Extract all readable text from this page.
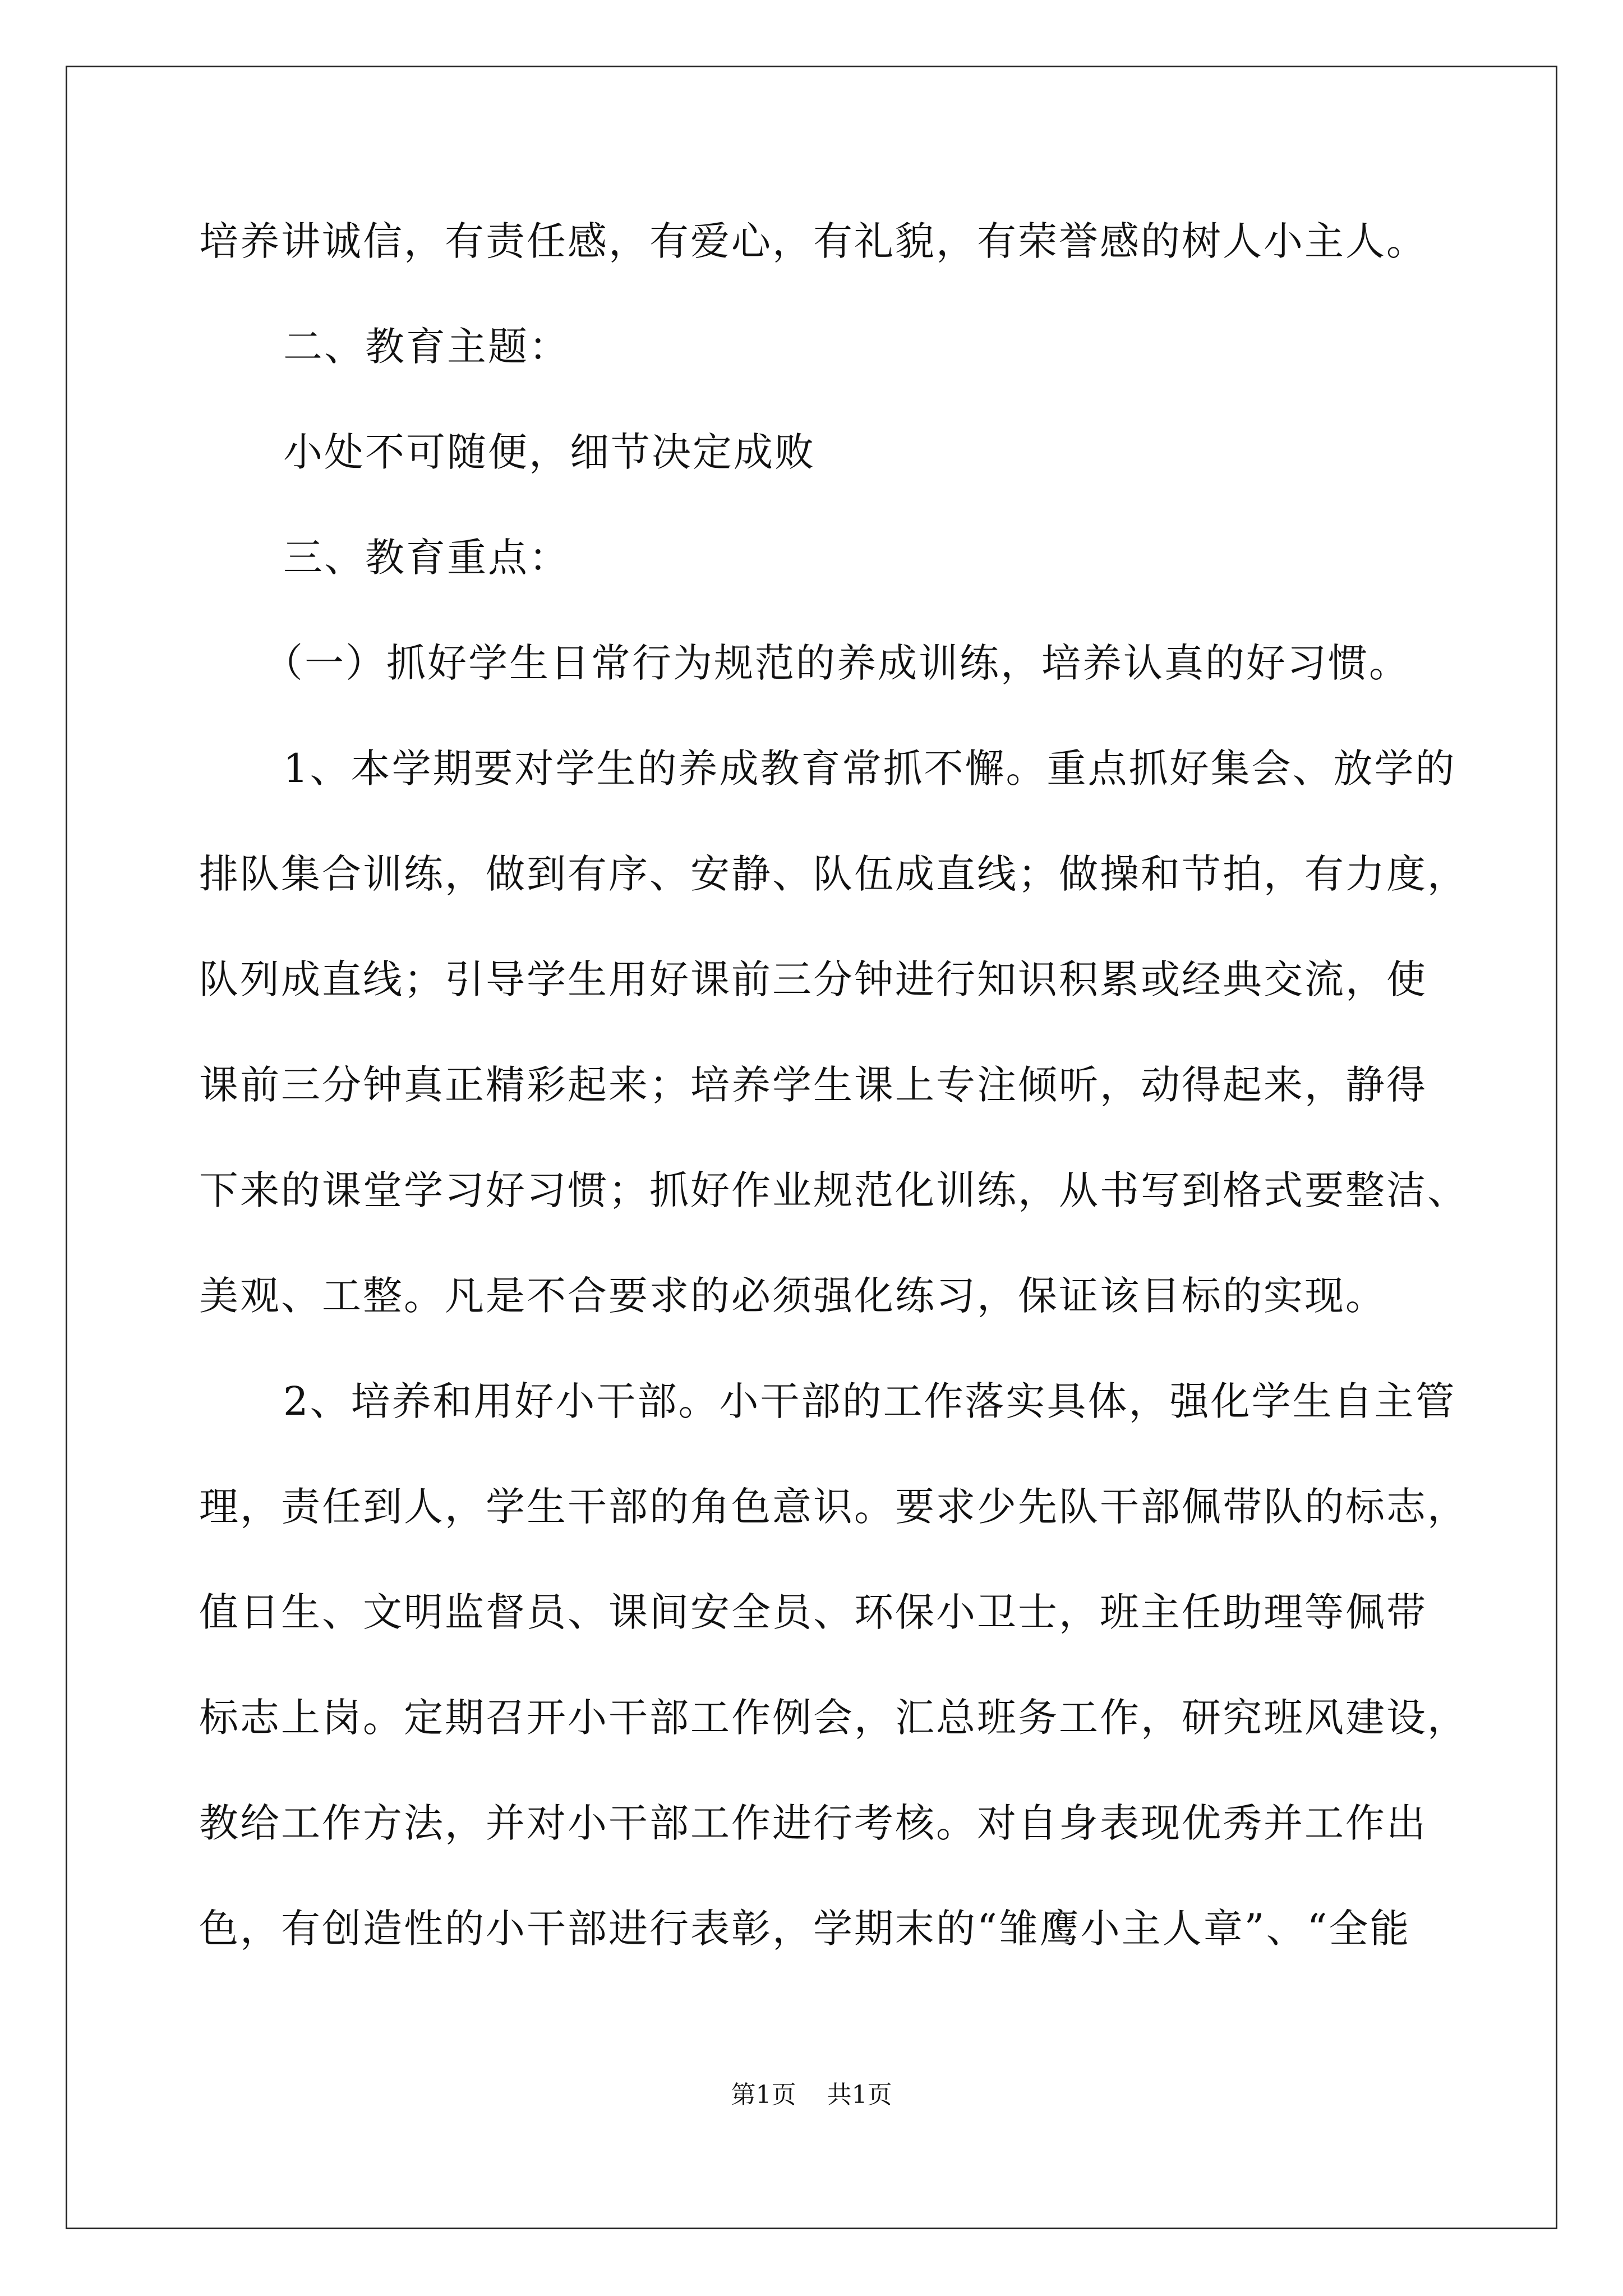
培养讲诚信，有责任感，有爱心，有礼貌，有荣誉感的树人小主人。
二、教育主题：
小处不可随便，细节决定成败
三、教育重点：
（一）抓好学生日常行为规范的养成训练，培养认真的好习惯。
1、本学期要对学生的养成教育常抓不懈。重点抓好集会、放学的
排队集合训练，做到有序、安静、队伍成直线；做操和节拍，有力度，
队列成直线；引导学生用好课前三分钟进行知识积累或经典交流，使
课前三分钟真正精彩起来；培养学生课上专注倾听，动得起来，静得
下来的课堂学习好习惯；抓好作业规范化训练，从书写到格式要整洁、
美观、工整。凡是不合要求的必须强化练习，保证该目标的实现。
2、培养和用好小干部。小干部的工作落实具体，强化学生自主管
理，责任到人，学生干部的角色意识。要求少先队干部佩带队的标志，
值日生、文明监督员、课间安全员、环保小卫士，班主任助理等佩带
标志上岗。定期召开小干部工作例会，汇总班务工作，研究班风建设，
教给工作方法，并对小干部工作进行考核。对自身表现优秀并工作出
色，有创造性的小干部进行表彰，学期末的“雏鹰小主人章”、“全能
第1页 共1页
